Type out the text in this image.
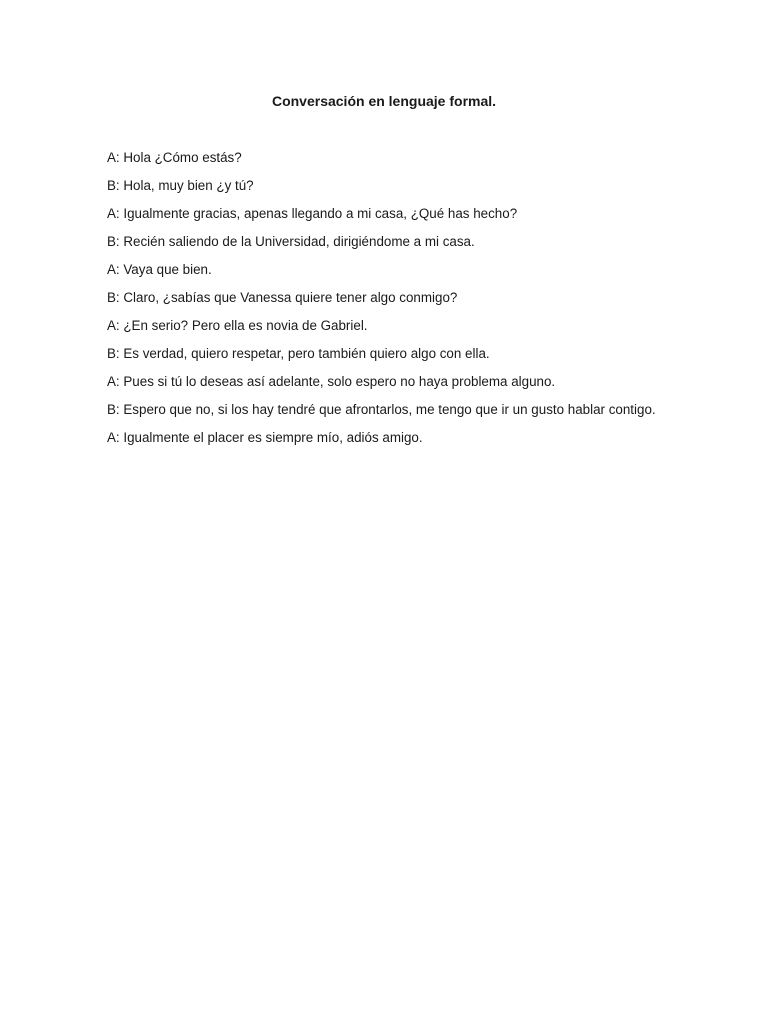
Conversación en lenguaje formal.

A: Hola ¿Cómo estás?

B: Hola, muy bien ¿y tú?

A: Igualmente gracias, apenas llegando a mi casa, ¿Qué has hecho?

B: Recién saliendo de la Universidad, dirigiéndome a mi casa.

A: Vaya que bien.

B: Claro, ¿sabías que Vanessa quiere tener algo conmigo?

A: ¿En serio? Pero ella es novia de Gabriel.

B: Es verdad, quiero respetar, pero también quiero algo con ella.

A: Pues si tú lo deseas así adelante, solo espero no haya problema alguno.

B: Espero que no, si los hay tendré que afrontarlos, me tengo que ir un gusto hablar contigo.

A: Igualmente el placer es siempre mío, adiós amigo.
